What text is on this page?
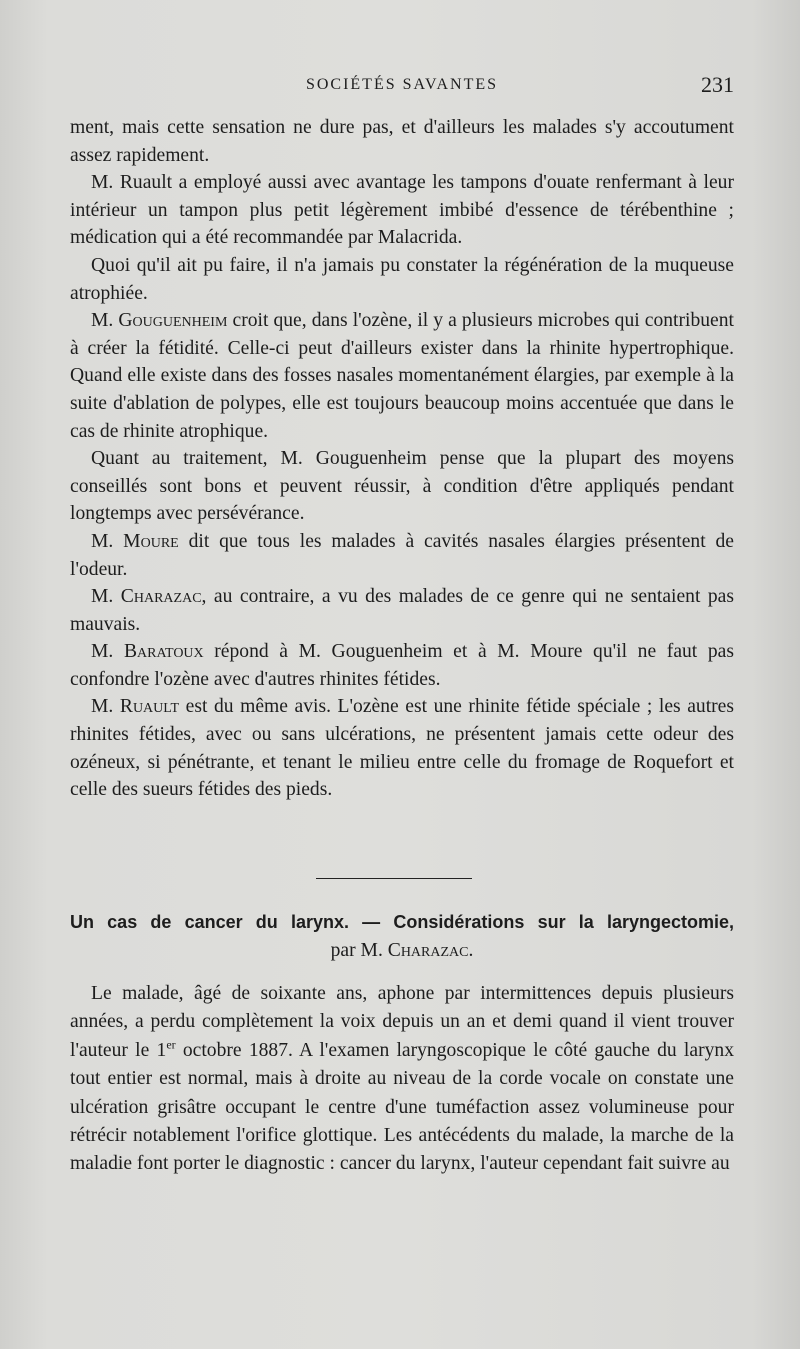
SOCIÉTÉS SAVANTES	231

ment, mais cette sensation ne dure pas, et d'ailleurs les malades s'y accoutument assez rapidement.

M. Ruault a employé aussi avec avantage les tampons d'ouate renfermant à leur intérieur un tampon plus petit légèrement imbibé d'essence de térébenthine ; médication qui a été recommandée par Malacrida.

Quoi qu'il ait pu faire, il n'a jamais pu constater la régénération de la muqueuse atrophiée.

M. Gouguenheim croit que, dans l'ozène, il y a plusieurs microbes qui contribuent à créer la fétidité. Celle-ci peut d'ailleurs exister dans la rhinite hypertrophique. Quand elle existe dans des fosses nasales momentanément élargies, par exemple à la suite d'ablation de polypes, elle est toujours beaucoup moins accentuée que dans le cas de rhinite atrophique.

Quant au traitement, M. Gouguenheim pense que la plupart des moyens conseillés sont bons et peuvent réussir, à condition d'être appliqués pendant longtemps avec persévérance.

M. Moure dit que tous les malades à cavités nasales élargies présentent de l'odeur.

M. Charazac, au contraire, a vu des malades de ce genre qui ne sentaient pas mauvais.

M. Baratoux répond à M. Gouguenheim et à M. Moure qu'il ne faut pas confondre l'ozène avec d'autres rhinites fétides.

M. Ruault est du même avis. L'ozène est une rhinite fétide spéciale ; les autres rhinites fétides, avec ou sans ulcérations, ne présentent jamais cette odeur des ozéneux, si pénétrante, et tenant le milieu entre celle du fromage de Roquefort et celle des sueurs fétides des pieds.

Un cas de cancer du larynx. — Considérations sur la laryngectomie,
par M. Charazac.

Le malade, âgé de soixante ans, aphone par intermittences depuis plusieurs années, a perdu complètement la voix depuis un an et demi quand il vient trouver l'auteur le 1er octobre 1887. A l'examen laryngoscopique le côté gauche du larynx tout entier est normal, mais à droite au niveau de la corde vocale on constate une ulcération grisâtre occupant le centre d'une tuméfaction assez volumineuse pour rétrécir notablement l'orifice glottique. Les antécédents du malade, la marche de la maladie font porter le diagnostic : cancer du larynx, l'auteur cependant fait suivre au
